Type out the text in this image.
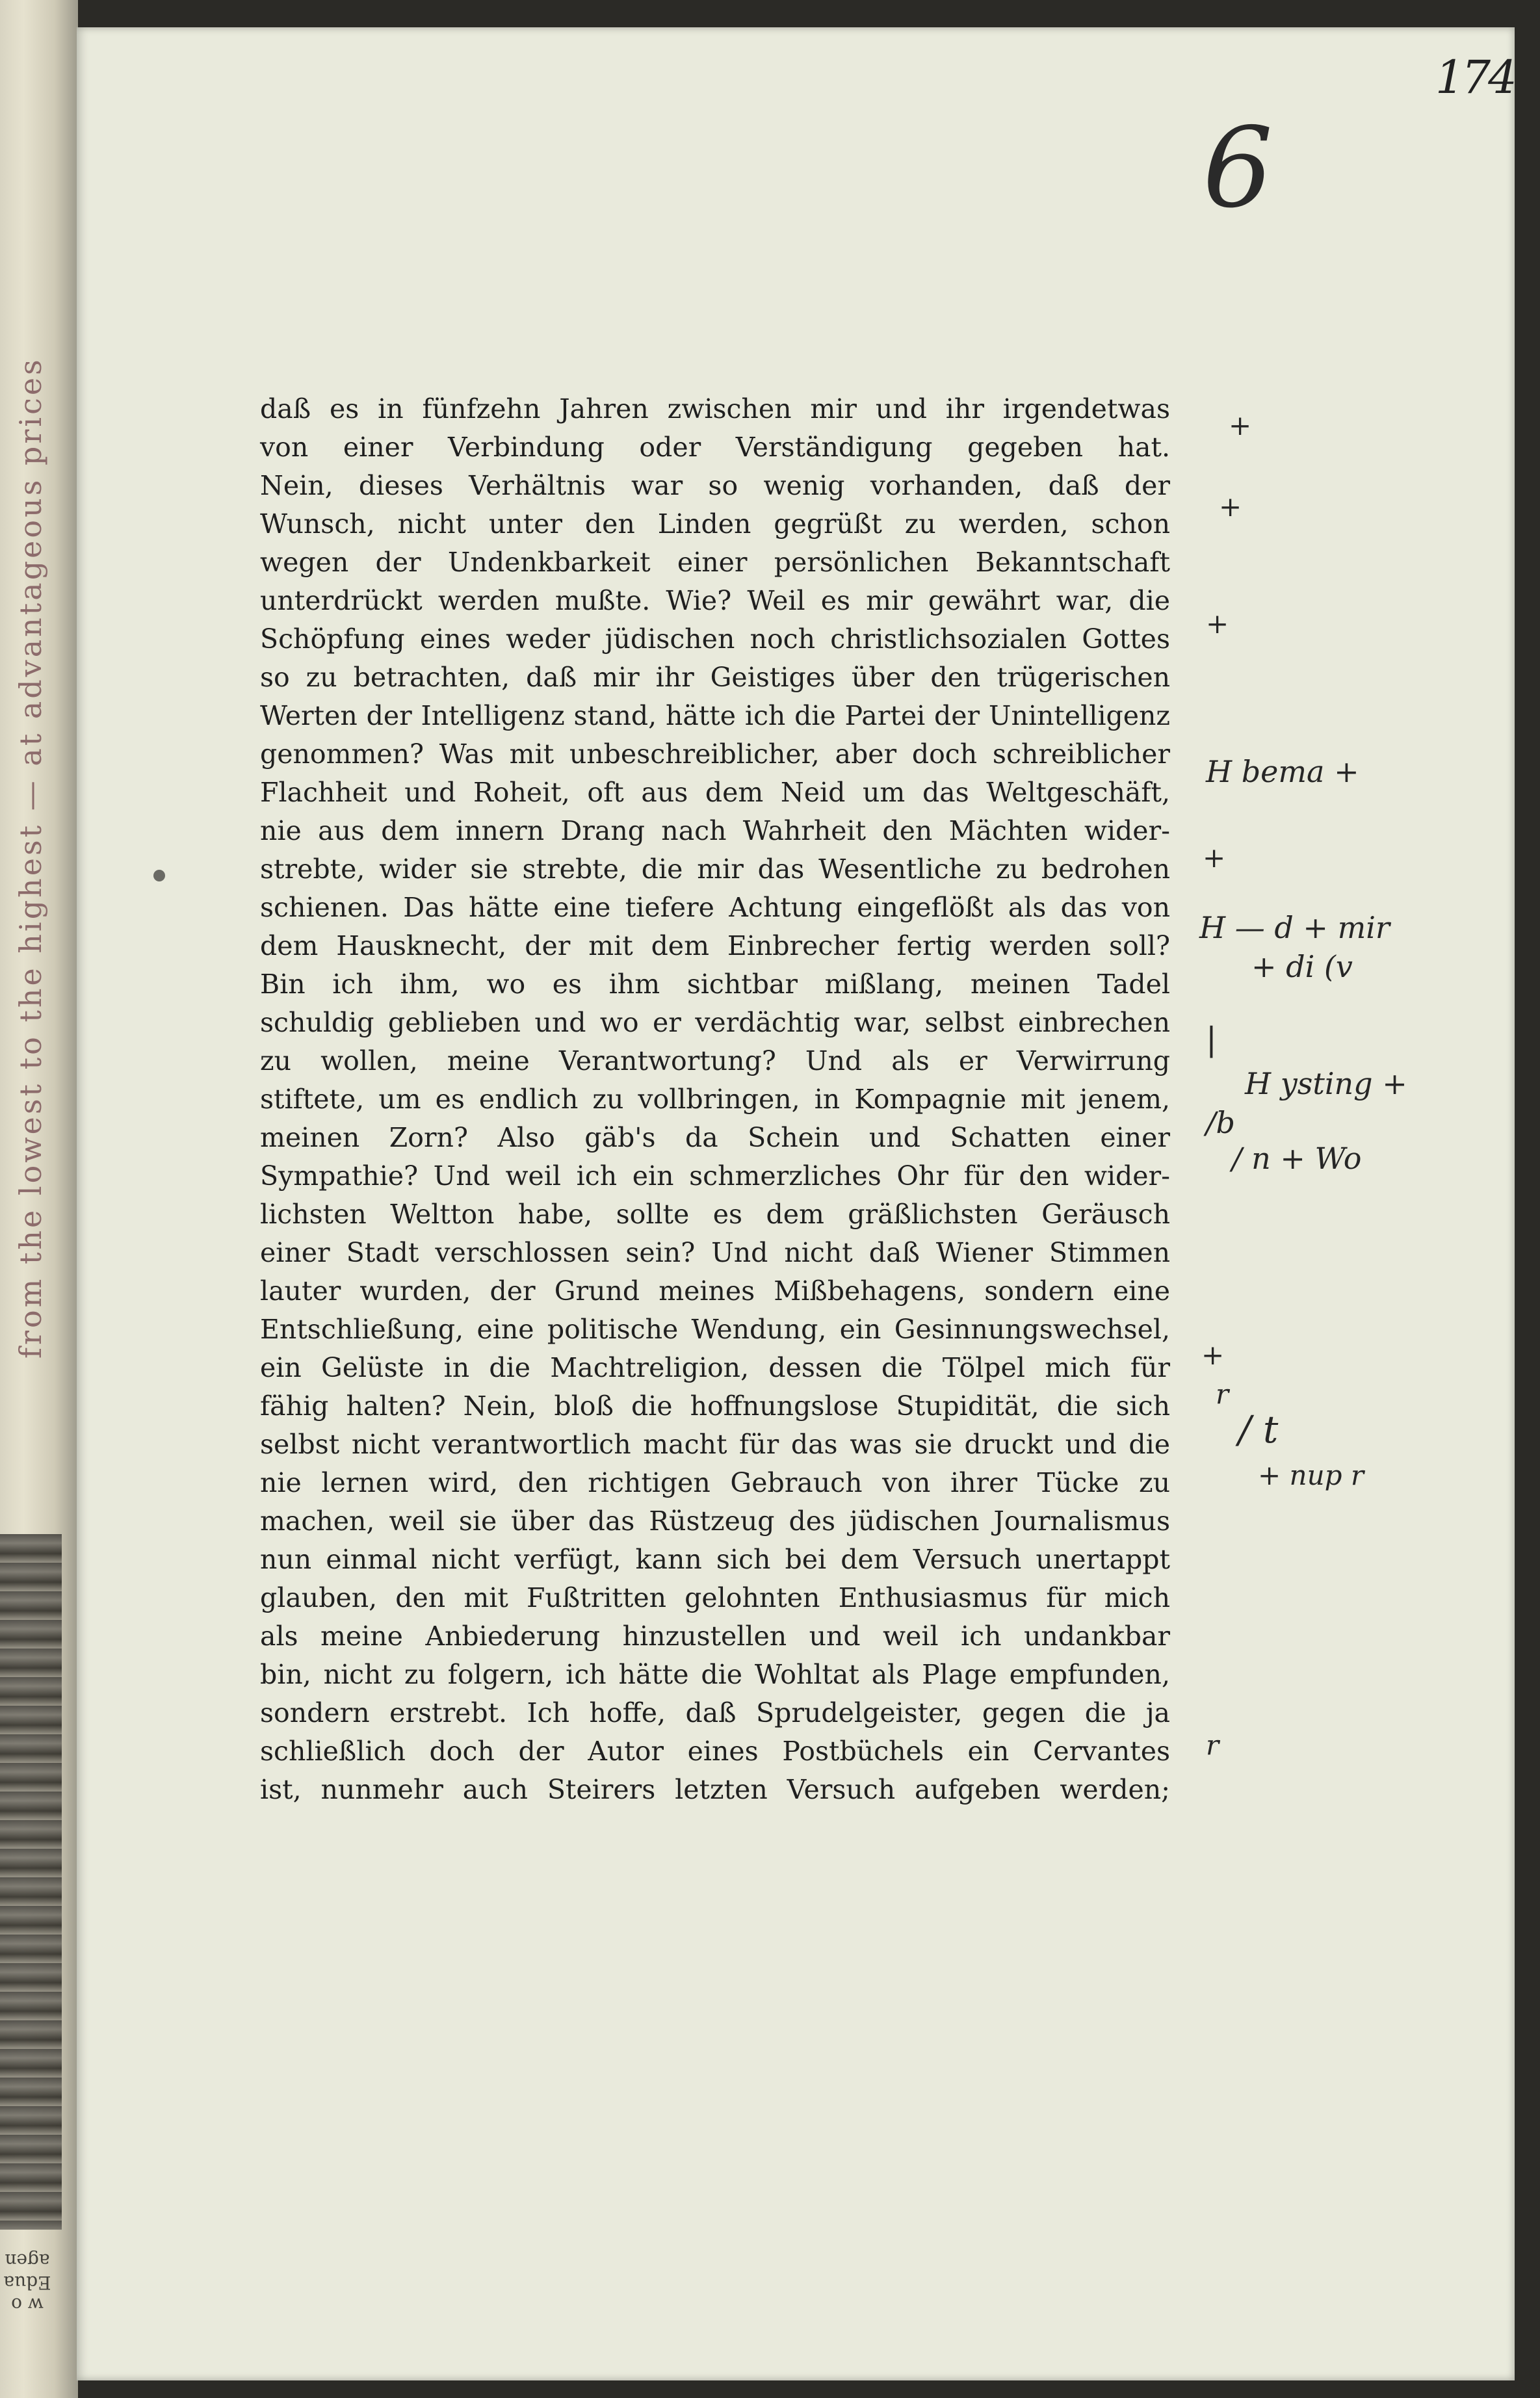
from the lowest to the highest — at advantageous prices
w o Edua agen
174
6
daß es in fünfzehn Jahren zwischen mir und ihr irgendetwas
von einer Verbindung oder Verständigung gegeben hat.
Nein, dieses Verhältnis war so wenig vorhanden, daß der
Wunsch, nicht unter den Linden gegrüßt zu werden, schon
wegen der Undenkbarkeit einer persönlichen Bekanntschaft
unterdrückt werden mußte. Wie? Weil es mir gewährt war, die
Schöpfung eines weder jüdischen noch christlichsozialen Gottes
so zu betrachten, daß mir ihr Geistiges über den trügerischen
Werten der Intelligenz stand, hätte ich die Partei der Unintelligenz
genommen? Was mit unbeschreiblicher, aber doch schreiblicher
Flachheit und Roheit, oft aus dem Neid um das Weltgeschäft,
nie aus dem innern Drang nach Wahrheit den Mächten wider-
strebte, wider sie strebte, die mir das Wesentliche zu bedrohen
schienen. Das hätte eine tiefere Achtung eingeflößt als das von
dem Hausknecht, der mit dem Einbrecher fertig werden soll?
Bin ich ihm, wo es ihm sichtbar mißlang, meinen Tadel
schuldig geblieben und wo er verdächtig war, selbst einbrechen
zu wollen, meine Verantwortung? Und als er Verwirrung
stiftete, um es endlich zu vollbringen, in Kompagnie mit jenem,
meinen Zorn? Also gäb's da Schein und Schatten einer
Sympathie? Und weil ich ein schmerzliches Ohr für den wider-
lichsten Weltton habe, sollte es dem gräßlichsten Geräusch
einer Stadt verschlossen sein? Und nicht daß Wiener Stimmen
lauter wurden, der Grund meines Mißbehagens, sondern eine
Entschließung, eine politische Wendung, ein Gesinnungswechsel,
ein Gelüste in die Machtreligion, dessen die Tölpel mich für
fähig halten? Nein, bloß die hoffnungslose Stupidität, die sich
selbst nicht verantwortlich macht für das was sie druckt und die
nie lernen wird, den richtigen Gebrauch von ihrer Tücke zu
machen, weil sie über das Rüstzeug des jüdischen Journalismus
nun einmal nicht verfügt, kann sich bei dem Versuch unertappt
glauben, den mit Fußtritten gelohnten Enthusiasmus für mich
als meine Anbiederung hinzustellen und weil ich undankbar
bin, nicht zu folgern, ich hätte die Wohltat als Plage empfunden,
sondern erstrebt. Ich hoffe, daß Sprudelgeister, gegen die ja
schließlich doch der Autor eines Postbüchels ein Cervantes
ist, nunmehr auch Steirers letzten Versuch aufgeben werden;
+
+
+
H bema +
+
H — d + mir
+ di (v
|
H ysting +
/b
/ n + Wo
+
r
/ t
+ nup r
r
